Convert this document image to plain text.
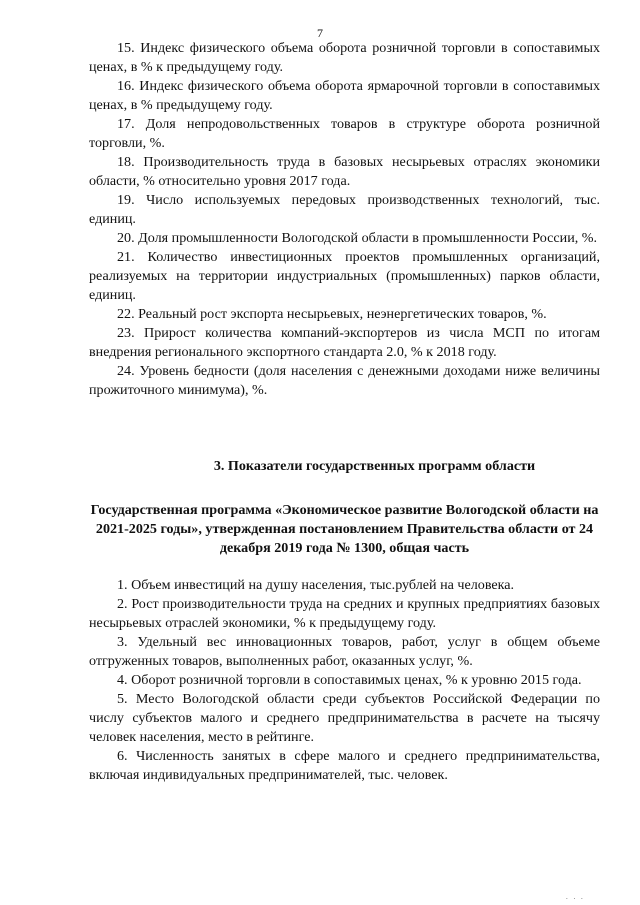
7

15. Индекс физического объема оборота розничной торговли в сопоставимых ценах, в % к предыдущему году.

16. Индекс физического объема оборота ярмарочной торговли в сопоставимых ценах, в % предыдущему году.

17. Доля непродовольственных товаров в структуре оборота розничной торговли, %.

18. Производительность труда в базовых несырьевых отраслях экономики области, % относительно уровня 2017 года.

19. Число используемых передовых производственных технологий, тыс. единиц.

20. Доля промышленности Вологодской области в промышленности России, %.

21. Количество инвестиционных проектов промышленных организаций, реализуемых на территории индустриальных (промышленных) парков области, единиц.

22. Реальный рост экспорта несырьевых, неэнергетических товаров, %.

23. Прирост количества компаний-экспортеров из числа МСП по итогам внедрения регионального экспортного стандарта 2.0, % к 2018 году.

24. Уровень бедности (доля населения с денежными доходами ниже величины прожиточного минимума), %.

3. Показатели государственных программ области

Государственная программа «Экономическое развитие Вологодской области на 2021-2025 годы», утвержденная постановлением Правительства области от 24 декабря 2019 года № 1300, общая часть

1. Объем инвестиций на душу населения, тыс.рублей на человека.

2. Рост производительности труда на средних и крупных предприятиях базовых несырьевых отраслей экономики, % к предыдущему году.

3. Удельный вес инновационных товаров, работ, услуг в общем объеме отгруженных товаров, выполненных работ, оказанных услуг, %.

4. Оборот розничной торговли в сопоставимых ценах, % к уровню 2015 года.

5. Место Вологодской области среди субъектов Российской Федерации по числу субъектов малого и среднего предпринимательства в расчете на тысячу человек населения, место в рейтинге.

6. Численность занятых в сфере малого и среднего предпринимательства, включая индивидуальных предпринимателей, тыс. человек.

. . .
